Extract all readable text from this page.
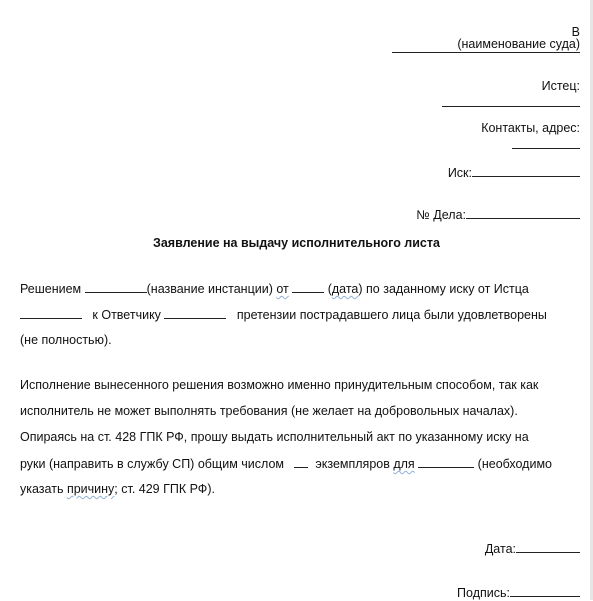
В

(наименование суда)

Истец:

Контакты, адрес:

Иск:

№ Дела:

Заявление на выдачу исполнительного листа
Решением	(название инстанции) от	(дата) по заданному иску от Истца
к Ответчику	претензии пострадавшего лица были удовлетворены
(не полностью).
Исполнение вынесенного решения возможно именно принудительным способом, так как
исполнитель не может выполнять требования (не желает на добровольных началах).
Опираясь на ст. 428 ГПК РФ, прошу выдать исполнительный акт по указанному иску на
руки (направить в службу СП) общим числом	экземпляров для	(необходимо
указать причину; ст. 429 ГПК РФ).

Дата:

Подпись:
